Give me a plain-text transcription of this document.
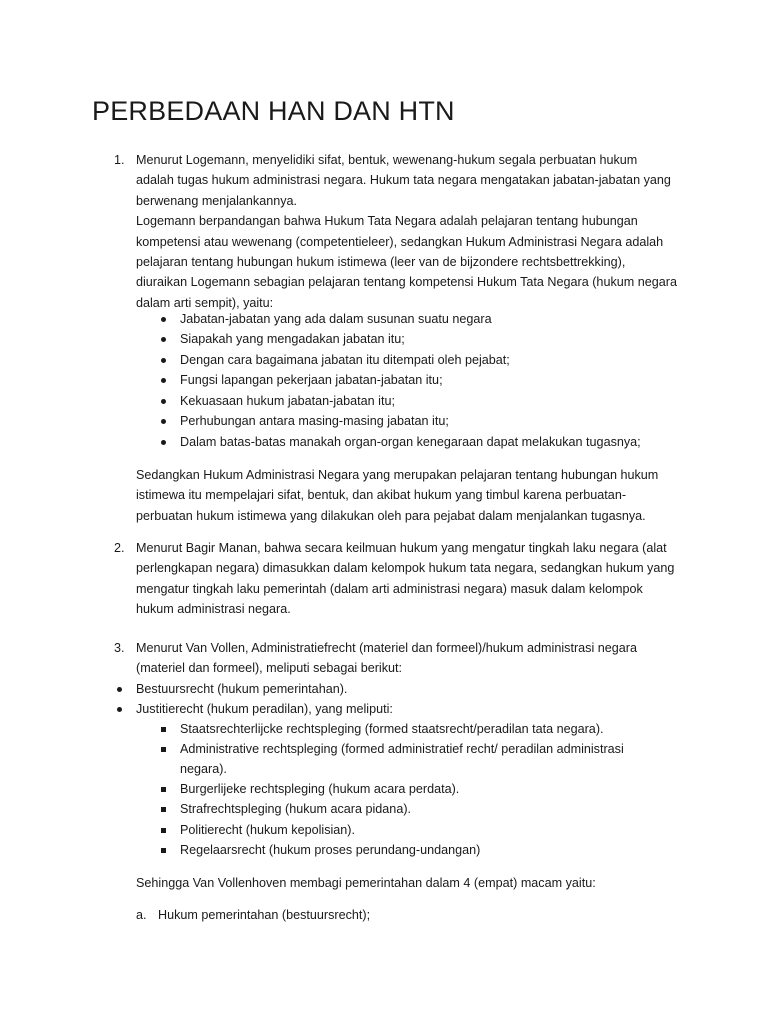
PERBEDAAN HAN DAN HTN
1. Menurut Logemann, menyelidiki sifat, bentuk, wewenang-hukum segala perbuatan hukum
adalah tugas hukum administrasi negara. Hukum tata negara mengatakan jabatan-jabatan yang
berwenang menjalankannya.
Logemann berpandangan bahwa Hukum Tata Negara adalah pelajaran tentang hubungan
kompetensi atau wewenang (competentieleer), sedangkan Hukum Administrasi Negara adalah
pelajaran tentang hubungan hukum istimewa (leer van de bijzondere rechtsbettrekking),
diuraikan Logemann sebagian pelajaran tentang kompetensi Hukum Tata Negara (hukum negara
dalam arti sempit), yaitu:
Jabatan-jabatan yang ada dalam susunan suatu negara
Siapakah yang mengadakan jabatan itu;
Dengan cara bagaimana jabatan itu ditempati oleh pejabat;
Fungsi lapangan pekerjaan jabatan-jabatan itu;
Kekuasaan hukum jabatan-jabatan itu;
Perhubungan antara masing-masing jabatan itu;
Dalam batas-batas manakah organ-organ kenegaraan dapat melakukan tugasnya;
Sedangkan Hukum Administrasi Negara yang merupakan pelajaran tentang hubungan hukum
istimewa itu mempelajari sifat, bentuk, dan akibat hukum yang timbul karena perbuatan-
perbuatan hukum istimewa yang dilakukan oleh para pejabat dalam menjalankan tugasnya.
2. Menurut Bagir Manan, bahwa secara keilmuan hukum yang mengatur tingkah laku negara (alat
perlengkapan negara) dimasukkan dalam kelompok hukum tata negara, sedangkan hukum yang
mengatur tingkah laku pemerintah (dalam arti administrasi negara) masuk dalam kelompok
hukum administrasi negara.
3. Menurut Van Vollen, Administratiefrecht (materiel dan formeel)/hukum administrasi negara
(materiel dan formeel), meliputi sebagai berikut:
Bestuursrecht (hukum pemerintahan).
Justitierecht (hukum peradilan), yang meliputi:
Staatsrechterlijcke rechtspleging (formed staatsrecht/peradilan tata negara).
Administrative rechtspleging (formed administratief recht/ peradilan administrasi
negara).
Burgerlijeke rechtspleging (hukum acara perdata).
Strafrechtspleging (hukum acara pidana).
Politierecht (hukum kepolisian).
Regelaarsrecht (hukum proses perundang-undangan)
Sehingga Van Vollenhoven membagi pemerintahan dalam 4 (empat) macam yaitu:
a. Hukum pemerintahan (bestuursrecht);
